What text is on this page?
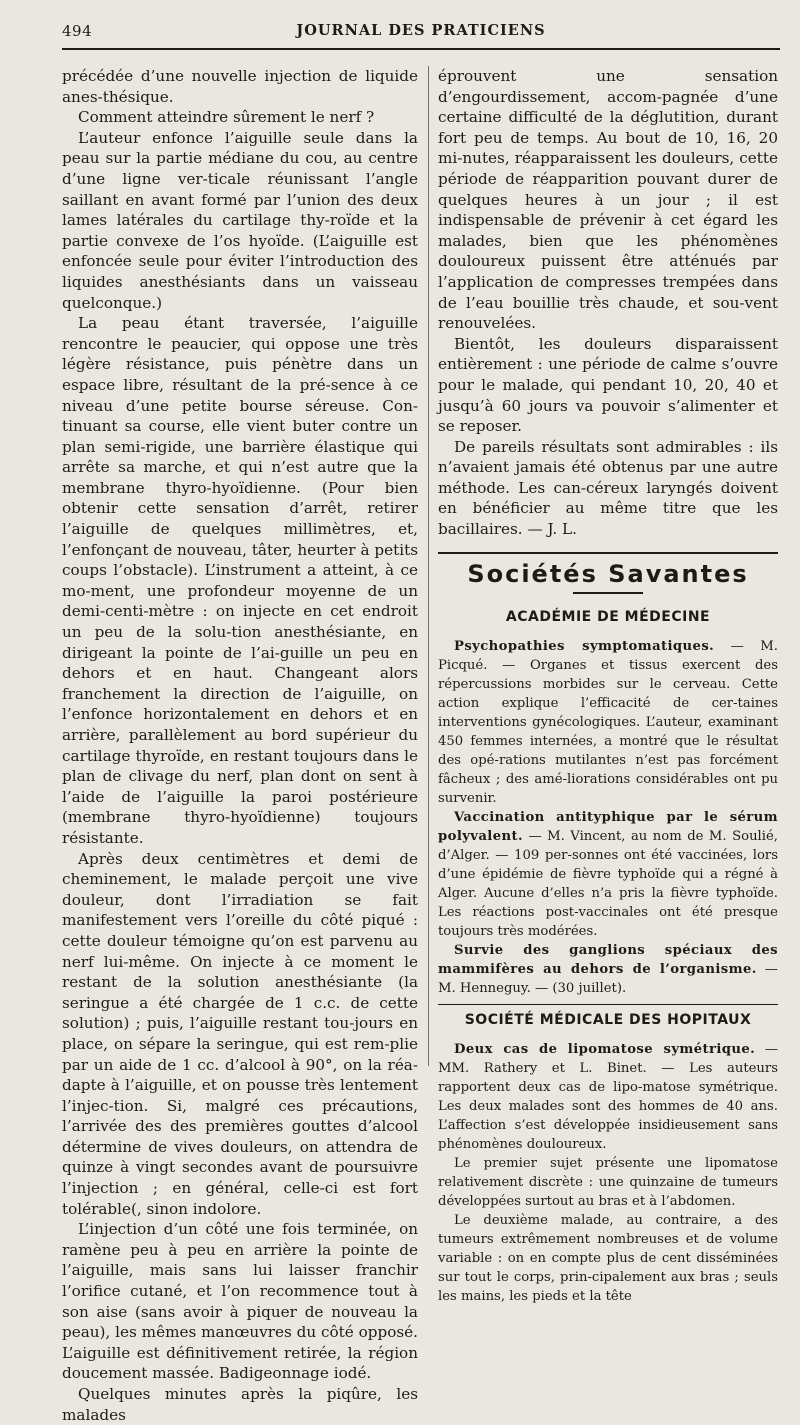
494	JOURNAL DES PRATICIENS

précédée d’une nouvelle injection de liquide anes-thésique.

Comment atteindre sûrement le nerf ?

L’auteur enfonce l’aiguille seule dans la peau sur la partie médiane du cou, au centre d’une ligne ver-ticale réunissant l’angle saillant en avant formé par l’union des deux lames latérales du cartilage thy-roïde et la partie convexe de l’os hyoïde. (L’aiguille est enfoncée seule pour éviter l’introduction des liquides anesthésiants dans un vaisseau quelconque.)

La peau étant traversée, l’aiguille rencontre le peaucier, qui oppose une très légère résistance, puis pénètre dans un espace libre, résultant de la pré-sence à ce niveau d’une petite bourse séreuse. Con-tinuant sa course, elle vient buter contre un plan semi-rigide, une barrière élastique qui arrête sa marche, et qui n’est autre que la membrane thyro-hyoïdienne. (Pour bien obtenir cette sensation d’arrêt, retirer l’aiguille de quelques millimètres, et, l’enfonçant de nouveau, tâter, heurter à petits coups l’obstacle). L’instrument a atteint, à ce mo-ment, une profondeur moyenne de un demi-centi-mètre : on injecte en cet endroit un peu de la solu-tion anesthésiante, en dirigeant la pointe de l’ai-guille un peu en dehors et en haut. Changeant alors franchement la direction de l’aiguille, on l’enfonce horizontalement en dehors et en arrière, parallèlement au bord supérieur du cartilage thyroïde, en restant toujours dans le plan de clivage du nerf, plan dont on sent à l’aide de l’aiguille la paroi postérieure (membrane thyro-hyoïdienne) toujours résistante.

Après deux centimètres et demi de cheminement, le malade perçoit une vive douleur, dont l’irradiation se fait manifestement vers l’oreille du côté piqué : cette douleur témoigne qu’on est parvenu au nerf lui-même. On injecte à ce moment le restant de la solution anesthésiante (la seringue a été chargée de 1 c.c. de cette solution) ; puis, l’aiguille restant tou-jours en place, on sépare la seringue, qui est rem-plie par un aide de 1 cc. d’alcool à 90°, on la réa-dapte à l’aiguille, et on pousse très lentement l’injec-tion. Si, malgré ces précautions, l’arrivée des des premières gouttes d’alcool détermine de vives douleurs, on attendra de quinze à vingt secondes avant de poursuivre l’injection ; en général, celle-ci est fort tolérable(, sinon indolore.

L’injection d’un côté une fois terminée, on ramène peu à peu en arrière la pointe de l’aiguille, mais sans lui laisser franchir l’orifice cutané, et l’on recommence tout à son aise (sans avoir à piquer de nouveau la peau), les mêmes manœuvres du côté opposé. L’aiguille est définitivement retirée, la région doucement massée. Badigeonnage iodé.

Quelques minutes après la piqûre, les malades

éprouvent une sensation d’engourdissement, accom-pagnée d’une certaine difficulté de la déglutition, durant fort peu de temps. Au bout de 10, 16, 20 mi-nutes, réapparaissent les douleurs, cette période de réapparition pouvant durer de quelques heures à un jour ; il est indispensable de prévenir à cet égard les malades, bien que les phénomènes douloureux puissent être atténués par l’application de compresses trempées dans de l’eau bouillie très chaude, et sou-vent renouvelées.

Bientôt, les douleurs disparaissent entièrement : une période de calme s’ouvre pour le malade, qui pendant 10, 20, 40 et jusqu’à 60 jours va pouvoir s’alimenter et se reposer.

De pareils résultats sont admirables : ils n’avaient jamais été obtenus par une autre méthode. Les can-céreux laryngés doivent en bénéficier au même titre que les bacillaires. — J. L.

Sociétés Savantes
ACADÉMIE DE MÉDECINE

Psychopathies symptomatiques. — M. Picqué. — Organes et tissus exercent des répercussions morbides sur le cerveau. Cette action explique l’efficacité de cer-taines interventions gynécologiques. L’auteur, examinant 450 femmes internées, a montré que le résultat des opé-rations mutilantes n’est pas forcément fâcheux ; des amé-liorations considérables ont pu survenir.

Vaccination antityphique par le sérum polyvalent. — M. Vincent, au nom de M. Soulié, d’Alger. — 109 per-sonnes ont été vaccinées, lors d’une épidémie de fièvre typhoïde qui a régné à Alger. Aucune d’elles n’a pris la fièvre typhoïde. Les réactions post-vaccinales ont été presque toujours très modérées.

Survie des ganglions spéciaux des mammifères au dehors de l’organisme. — M. Henneguy. — (30 juillet).

SOCIÉTÉ MÉDICALE DES HOPITAUX

Deux cas de lipomatose symétrique. — MM. Rathery et L. Binet. — Les auteurs rapportent deux cas de lipo-matose symétrique. Les deux malades sont des hommes de 40 ans. L’affection s’est développée insidieusement sans phénomènes douloureux.

Le premier sujet présente une lipomatose relativement discrète : une quinzaine de tumeurs développées surtout au bras et à l’abdomen.

Le deuxième malade, au contraire, a des tumeurs extrêmement nombreuses et de volume variable : on en compte plus de cent disséminées sur tout le corps, prin-cipalement aux bras ; seuls les mains, les pieds et la tête
